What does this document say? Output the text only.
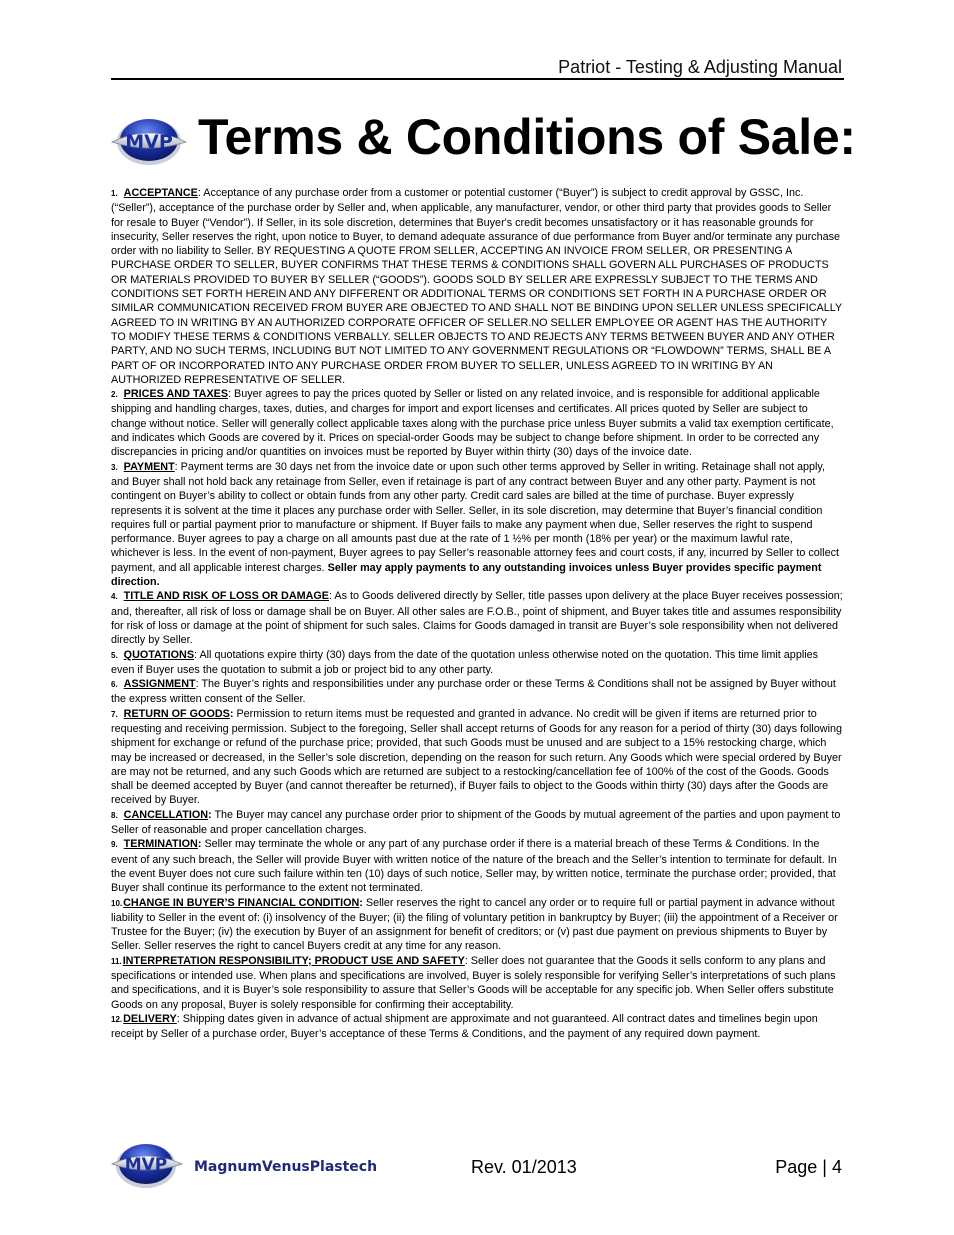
Patriot - Testing & Adjusting Manual
MVP Terms & Conditions of Sale:

1. ACCEPTANCE: Acceptance of any purchase order from a customer or potential customer (“Buyer”) is subject to credit approval by GSSC, Inc. (“Seller”), acceptance of the purchase order by Seller and, when applicable, any manufacturer, vendor, or other third party that provides goods to Seller for resale to Buyer (“Vendor”). If Seller, in its sole discretion, determines that Buyer's credit becomes unsatisfactory or it has reasonable grounds for insecurity, Seller reserves the right, upon notice to Buyer, to demand adequate assurance of due performance from Buyer and/or terminate any purchase order with no liability to Seller. BY REQUESTING A QUOTE FROM SELLER, ACCEPTING AN INVOICE FROM SELLER, OR PRESENTING A PURCHASE ORDER TO SELLER, BUYER CONFIRMS THAT THESE TERMS & CONDITIONS SHALL GOVERN ALL PURCHASES OF PRODUCTS OR MATERIALS PROVIDED TO BUYER BY SELLER (“GOODS”). GOODS SOLD BY SELLER ARE EXPRESSLY SUBJECT TO THE TERMS AND CONDITIONS SET FORTH HEREIN AND ANY DIFFERENT OR ADDITIONAL TERMS OR CONDITIONS SET FORTH IN A PURCHASE ORDER OR SIMILAR COMMUNICATION RECEIVED FROM BUYER ARE OBJECTED TO AND SHALL NOT BE BINDING UPON SELLER UNLESS SPECIFICALLY AGREED TO IN WRITING BY AN AUTHORIZED CORPORATE OFFICER OF SELLER.NO SELLER EMPLOYEE OR AGENT HAS THE AUTHORITY TO MODIFY THESE TERMS & CONDITIONS VERBALLY. SELLER OBJECTS TO AND REJECTS ANY TERMS BETWEEN BUYER AND ANY OTHER PARTY, AND NO SUCH TERMS, INCLUDING BUT NOT LIMITED TO ANY GOVERNMENT REGULATIONS OR “FLOWDOWN” TERMS, SHALL BE A PART OF OR INCORPORATED INTO ANY PURCHASE ORDER FROM BUYER TO SELLER, UNLESS AGREED TO IN WRITING BY AN AUTHORIZED REPRESENTATIVE OF SELLER.

2. PRICES AND TAXES: Buyer agrees to pay the prices quoted by Seller or listed on any related invoice, and is responsible for additional applicable shipping and handling charges, taxes, duties, and charges for import and export licenses and certificates. All prices quoted by Seller are subject to change without notice. Seller will generally collect applicable taxes along with the purchase price unless Buyer submits a valid tax exemption certificate, and indicates which Goods are covered by it. Prices on special-order Goods may be subject to change before shipment. In order to be corrected any discrepancies in pricing and/or quantities on invoices must be reported by Buyer within thirty (30) days of the invoice date.

3. PAYMENT: Payment terms are 30 days net from the invoice date or upon such other terms approved by Seller in writing. Retainage shall not apply, and Buyer shall not hold back any retainage from Seller, even if retainage is part of any contract between Buyer and any other party. Payment is not contingent on Buyer’s ability to collect or obtain funds from any other party. Credit card sales are billed at the time of purchase. Buyer expressly represents it is solvent at the time it places any purchase order with Seller. Seller, in its sole discretion, may determine that Buyer’s financial condition requires full or partial payment prior to manufacture or shipment. If Buyer fails to make any payment when due, Seller reserves the right to suspend performance. Buyer agrees to pay a charge on all amounts past due at the rate of 1 ½% per month (18% per year) or the maximum lawful rate, whichever is less. In the event of non-payment, Buyer agrees to pay Seller’s reasonable attorney fees and court costs, if any, incurred by Seller to collect payment, and all applicable interest charges. Seller may apply payments to any outstanding invoices unless Buyer provides specific payment direction.

4. TITLE AND RISK OF LOSS OR DAMAGE: As to Goods delivered directly by Seller, title passes upon delivery at the place Buyer receives possession; and, thereafter, all risk of loss or damage shall be on Buyer. All other sales are F.O.B., point of shipment, and Buyer takes title and assumes responsibility for risk of loss or damage at the point of shipment for such sales. Claims for Goods damaged in transit are Buyer’s sole responsibility when not delivered directly by Seller.

5. QUOTATIONS: All quotations expire thirty (30) days from the date of the quotation unless otherwise noted on the quotation. This time limit applies even if Buyer uses the quotation to submit a job or project bid to any other party.

6. ASSIGNMENT: The Buyer’s rights and responsibilities under any purchase order or these Terms & Conditions shall not be assigned by Buyer without the express written consent of the Seller.

7. RETURN OF GOODS: Permission to return items must be requested and granted in advance. No credit will be given if items are returned prior to requesting and receiving permission. Subject to the foregoing, Seller shall accept returns of Goods for any reason for a period of thirty (30) days following shipment for exchange or refund of the purchase price; provided, that such Goods must be unused and are subject to a 15% restocking charge, which may be increased or decreased, in the Seller’s sole discretion, depending on the reason for such return. Any Goods which were special ordered by Buyer are may not be returned, and any such Goods which are returned are subject to a restocking/cancellation fee of 100% of the cost of the Goods. Goods shall be deemed accepted by Buyer (and cannot thereafter be returned), if Buyer fails to object to the Goods within thirty (30) days after the Goods are received by Buyer.

8. CANCELLATION: The Buyer may cancel any purchase order prior to shipment of the Goods by mutual agreement of the parties and upon payment to Seller of reasonable and proper cancellation charges.

9. TERMINATION: Seller may terminate the whole or any part of any purchase order if there is a material breach of these Terms & Conditions. In the event of any such breach, the Seller will provide Buyer with written notice of the nature of the breach and the Seller’s intention to terminate for default. In the event Buyer does not cure such failure within ten (10) days of such notice, Seller may, by written notice, terminate the purchase order; provided, that Buyer shall continue its performance to the extent not terminated.

10.CHANGE IN BUYER’S FINANCIAL CONDITION: Seller reserves the right to cancel any order or to require full or partial payment in advance without liability to Seller in the event of: (i) insolvency of the Buyer; (ii) the filing of voluntary petition in bankruptcy by Buyer; (iii) the appointment of a Receiver or Trustee for the Buyer; (iv) the execution by Buyer of an assignment for benefit of creditors; or (v) past due payment on previous shipments to Buyer by Seller. Seller reserves the right to cancel Buyers credit at any time for any reason.

11.INTERPRETATION RESPONSIBILITY; PRODUCT USE AND SAFETY: Seller does not guarantee that the Goods it sells conform to any plans and specifications or intended use. When plans and specifications are involved, Buyer is solely responsible for verifying Seller’s interpretations of such plans and specifications, and it is Buyer’s sole responsibility to assure that Seller’s Goods will be acceptable for any specific job. When Seller offers substitute Goods on any proposal, Buyer is solely responsible for confirming their acceptability.

12.DELIVERY: Shipping dates given in advance of actual shipment are approximate and not guaranteed. All contract dates and timelines begin upon receipt by Seller of a purchase order, Buyer’s acceptance of these Terms & Conditions, and the payment of any required down payment.

MVP MagnumVenusPlastech	Rev. 01/2013	Page | 4
